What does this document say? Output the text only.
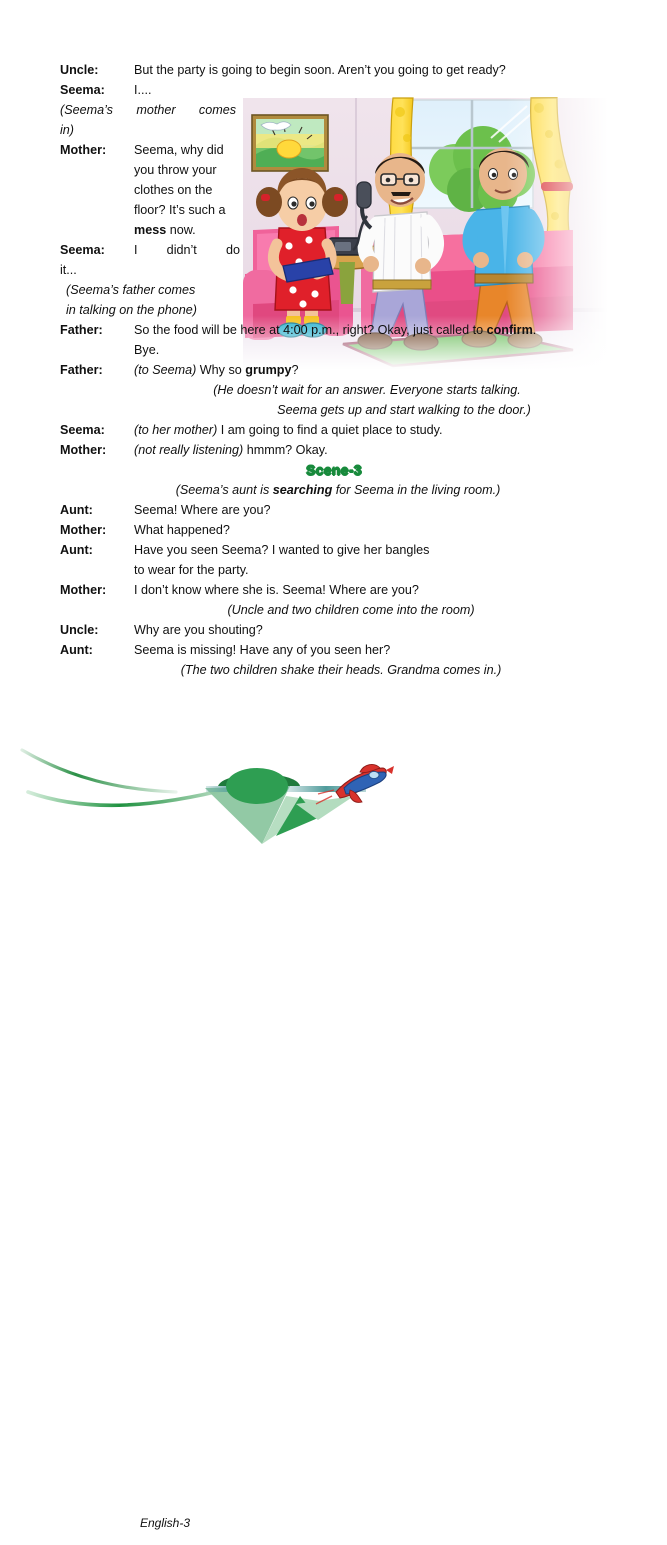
Uncle:	But the party is going to begin soon. Aren’t you going to get ready?
Seema:	I....
(Seema’s mother comes
in)
Mother:	Seema, why did you throw your clothes on the floor? It’s such a mess now.
Seema:	I didn’t do
it...
(Seema’s father comes
in talking on the phone)
Father:	So the food will be here at 4:00 p.m., right? Okay, just called to confirm.
Bye.
Father:	(to Seema) Why so grumpy?
(He doesn’t wait for an answer. Everyone starts talking.
Seema gets up and start walking to the door.)
Seema:	(to her mother) I am going to find a quiet place to study.
Mother:	(not really listening) hmmm? Okay.
Scene-3
(Seema’s aunt is searching for Seema in the living room.)
Aunt:	Seema! Where are you?
Mother:	What happened?
Aunt:	Have you seen Seema? I wanted to give her bangles
to wear for the party.
Mother:	I don’t know where she is. Seema! Where are you?
(Uncle and two children come into the room)
Uncle:	Why are you shouting?
Aunt:	Seema is missing! Have any of you seen her?
(The two children shake their heads. Grandma comes in.)
English-3	44
